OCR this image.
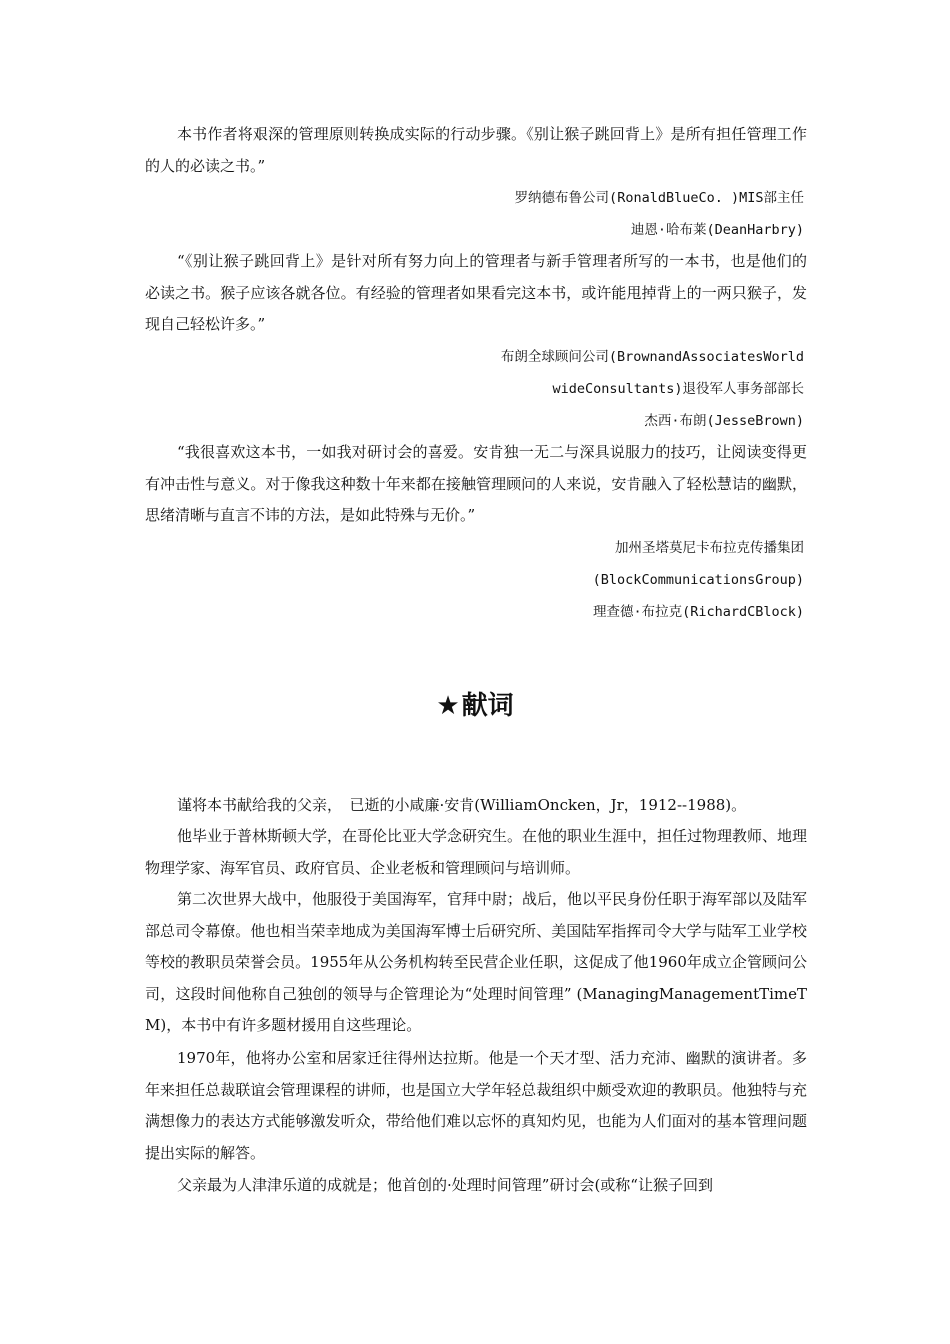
本书作者将艰深的管理原则转换成实际的行动步骤。《别让猴子跳回背上》是所有担任管理工作的人的必读之书。”

罗纳德布鲁公司(RonaldBlueCo. )MIS部主任

迪恩·哈布莱(DeanHarbry)

“《别让猴子跳回背上》是针对所有努力向上的管理者与新手管理者所写的一本书，也是他们的必读之书。猴子应该各就各位。有经验的管理者如果看完这本书，或许能甩掉背上的一两只猴子，发现自己轻松许多。”

布朗全球顾问公司(BrownandAssociatesWorld

wideConsultants)退役军人事务部部长

杰西·布朗(JesseBrown)

“我很喜欢这本书，一如我对研讨会的喜爱。安肯独一无二与深具说服力的技巧，让阅读变得更有冲击性与意义。对于像我这种数十年来都在接触管理顾问的人来说，安肯融入了轻松慧诘的幽默，思绪清晰与直言不讳的方法，是如此特殊与无价。”

加州圣塔莫尼卡布拉克传播集团

(BlockCommunicationsGroup)

理查德·布拉克(RichardCBlock)

★献词

谨将本书献给我的父亲，　已逝的小咸廉·安肯(WilliamOncken，Jr，1912--1988)。

他毕业于普林斯顿大学，在哥伦比亚大学念研究生。在他的职业生涯中，担任过物理教师、地理物理学家、海军官员、政府官员、企业老板和管理顾问与培训师。

第二次世界大战中，他服役于美国海军，官拜中尉；战后，他以平民身份任职于海军部以及陆军部总司令幕僚。他也相当荣幸地成为美国海军博士后研究所、美国陆军指挥司令大学与陆军工业学校等校的教职员荣誉会员。1955年从公务机构转至民营企业任职，这促成了他1960年成立企管顾问公司，这段时间他称自己独创的领导与企管理论为“处理时间管理” (ManagingManagementTimeTM)，本书中有许多题材援用自这些理论。

1970年，他将办公室和居家迁往得州达拉斯。他是一个天才型、活力充沛、幽默的演讲者。多年来担任总裁联谊会管理课程的讲师，也是国立大学年轻总裁组织中颇受欢迎的教职员。他独特与充满想像力的表达方式能够激发听众，带给他们难以忘怀的真知灼见，也能为人们面对的基本管理问题提出实际的解答。

父亲最为人津津乐道的成就是；他首创的·处理时间管理”研讨会(或称“让猴子回到
